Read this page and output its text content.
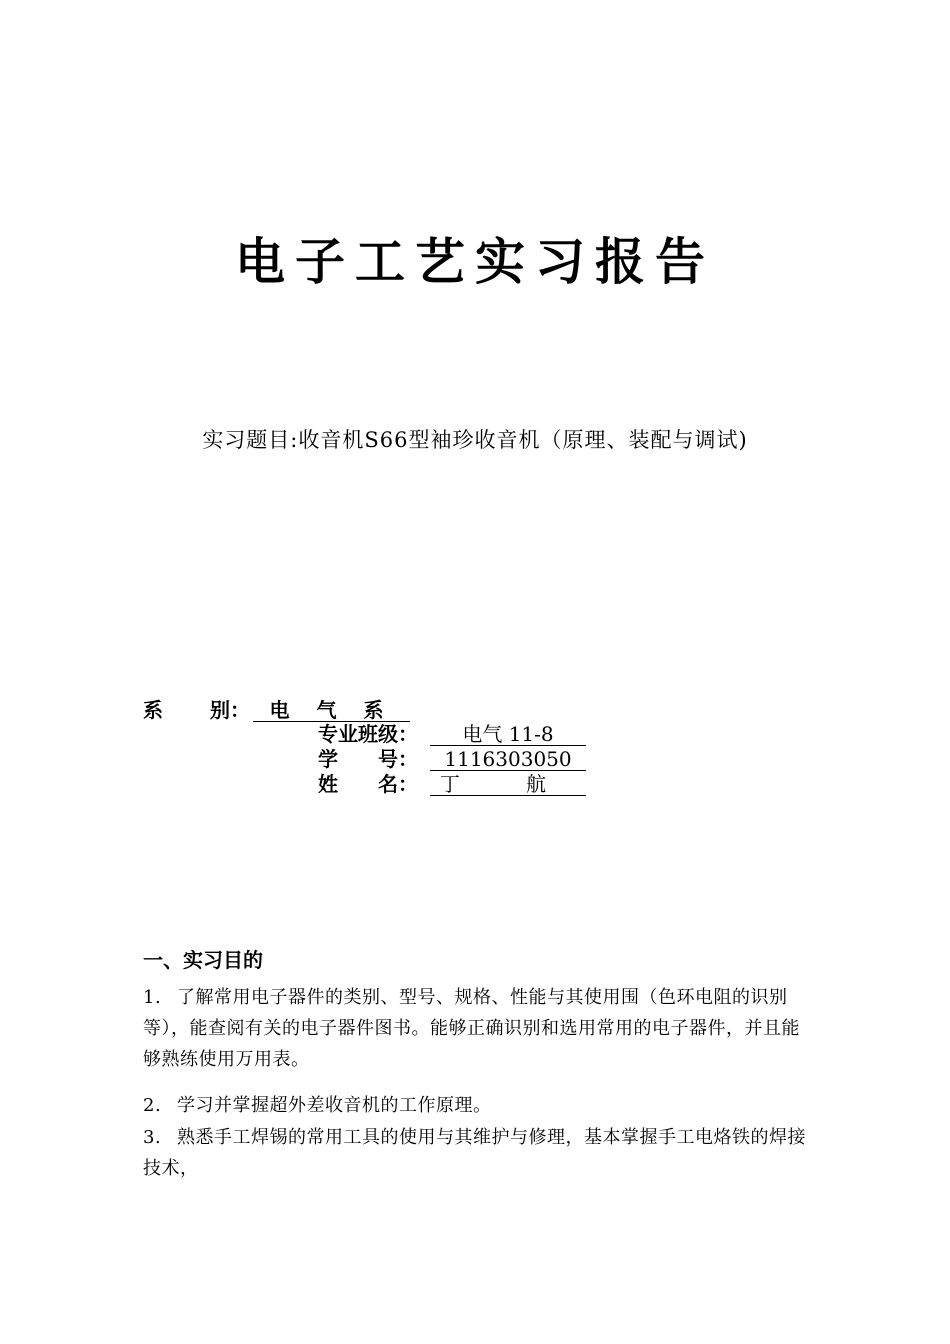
电子工艺实习报告
实习题目:收音机S66型袖珍收音机（原理、装配与调试)
系　　 别： 电 气 系
专业班级： 电气 11-8
学　　号： 1116303050
姓　　名： 丁 航
一、实习目的
1. 了解常用电子器件的类别、型号、规格、性能与其使用围（色环电阻的识别等），能查阅有关的电子器件图书。能够正确识别和选用常用的电子器件，并且能够熟练使用万用表。
2. 学习并掌握超外差收音机的工作原理。
3. 熟悉手工焊锡的常用工具的使用与其维护与修理，基本掌握手工电烙铁的焊接技术，
